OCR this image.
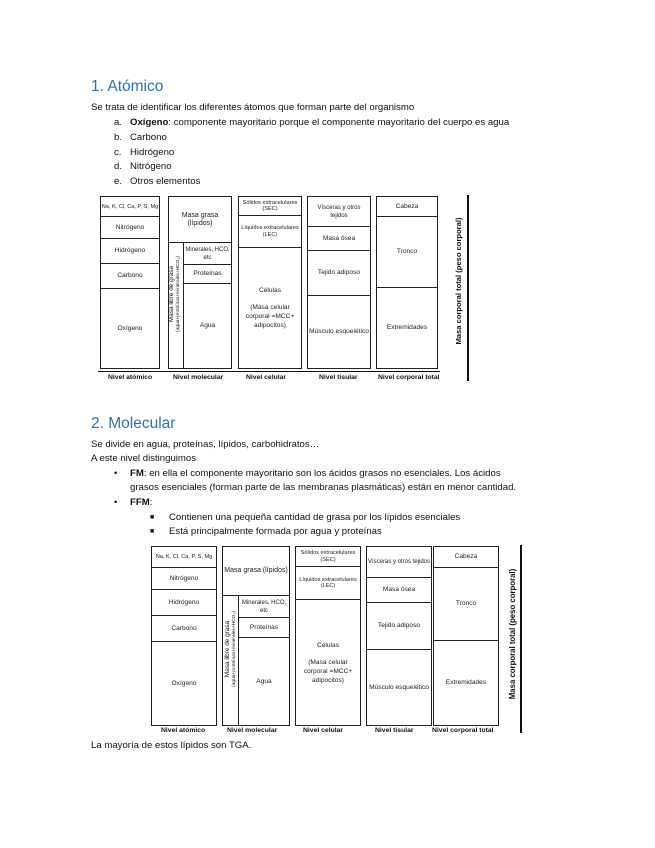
1. Atómico
Se trata de identificar los diferentes átomos que forman parte del organismo
a. Oxígeno: componente mayoritario porque el componente mayoritario del cuerpo es agua
b. Carbono
c. Hidrógeno
d. Nitrógeno
e. Otros elementos
Na, K, Cl, Ca, P, S, Mg
Nitrógeno
Hidrógeno
Carbono
Oxígeno
Masa grasa (lípidos)
Masa libre de grasa (agua+proteínas+minerales+HCO₃)
Minerales, HCO, etc
Proteínas
Agua
Sólidos extracelulares (SEC)
Líquidos extracelulares (LEC)
Células
(Masa celular corporal =MCC+ adipocitos)
Vísceras y otros tejidos
Masa ósea
Tejido adiposo
Músculo esquelético
Cabeza
Tronco
Extremidades	Masa corporal total (peso corporal)
Nivel atómico	Nivel molecular	Nivel celular	Nivel tisular	Nivel corporal total
2. Molecular
Se divide en agua, proteínas, lípidos, carbohidratos…
A este nivel distinguimos
• FM: en ella el componente mayoritario son los ácidos grasos no esenciales. Los ácidos
grasos esenciales (forman parte de las membranas plasmáticas) están en menor cantidad.
• FFM:
■ Contienen una pequeña cantidad de grasa por los lípidos esenciales
■ Está principalmente formada por agua y proteínas
Na, K, Cl, Ca, P, S, Mg
Nitrógeno
Hidrógeno
Carbono
Oxígeno
Masa grasa (lípidos)
Masa libre de grasa (agua+proteínas+minerales+HCO₃)
Minerales, HCO, etc
Proteínas
Agua
Sólidos extracelulares (SEC)
Líquidos extracelulares (LEC)
Células
(Masa celular corporal =MCC+ adipocitos)
Vísceras y otros tejidos
Masa ósea
Tejido adiposo
Músculo esquelético
Cabeza
Tronco
Extremidades	Masa corporal total (peso corporal)
Nivel atómico	Nivel molecular	Nivel celular	Nivel tisular	Nivel corporal total
La mayoría de estos lípidos son TGA.
